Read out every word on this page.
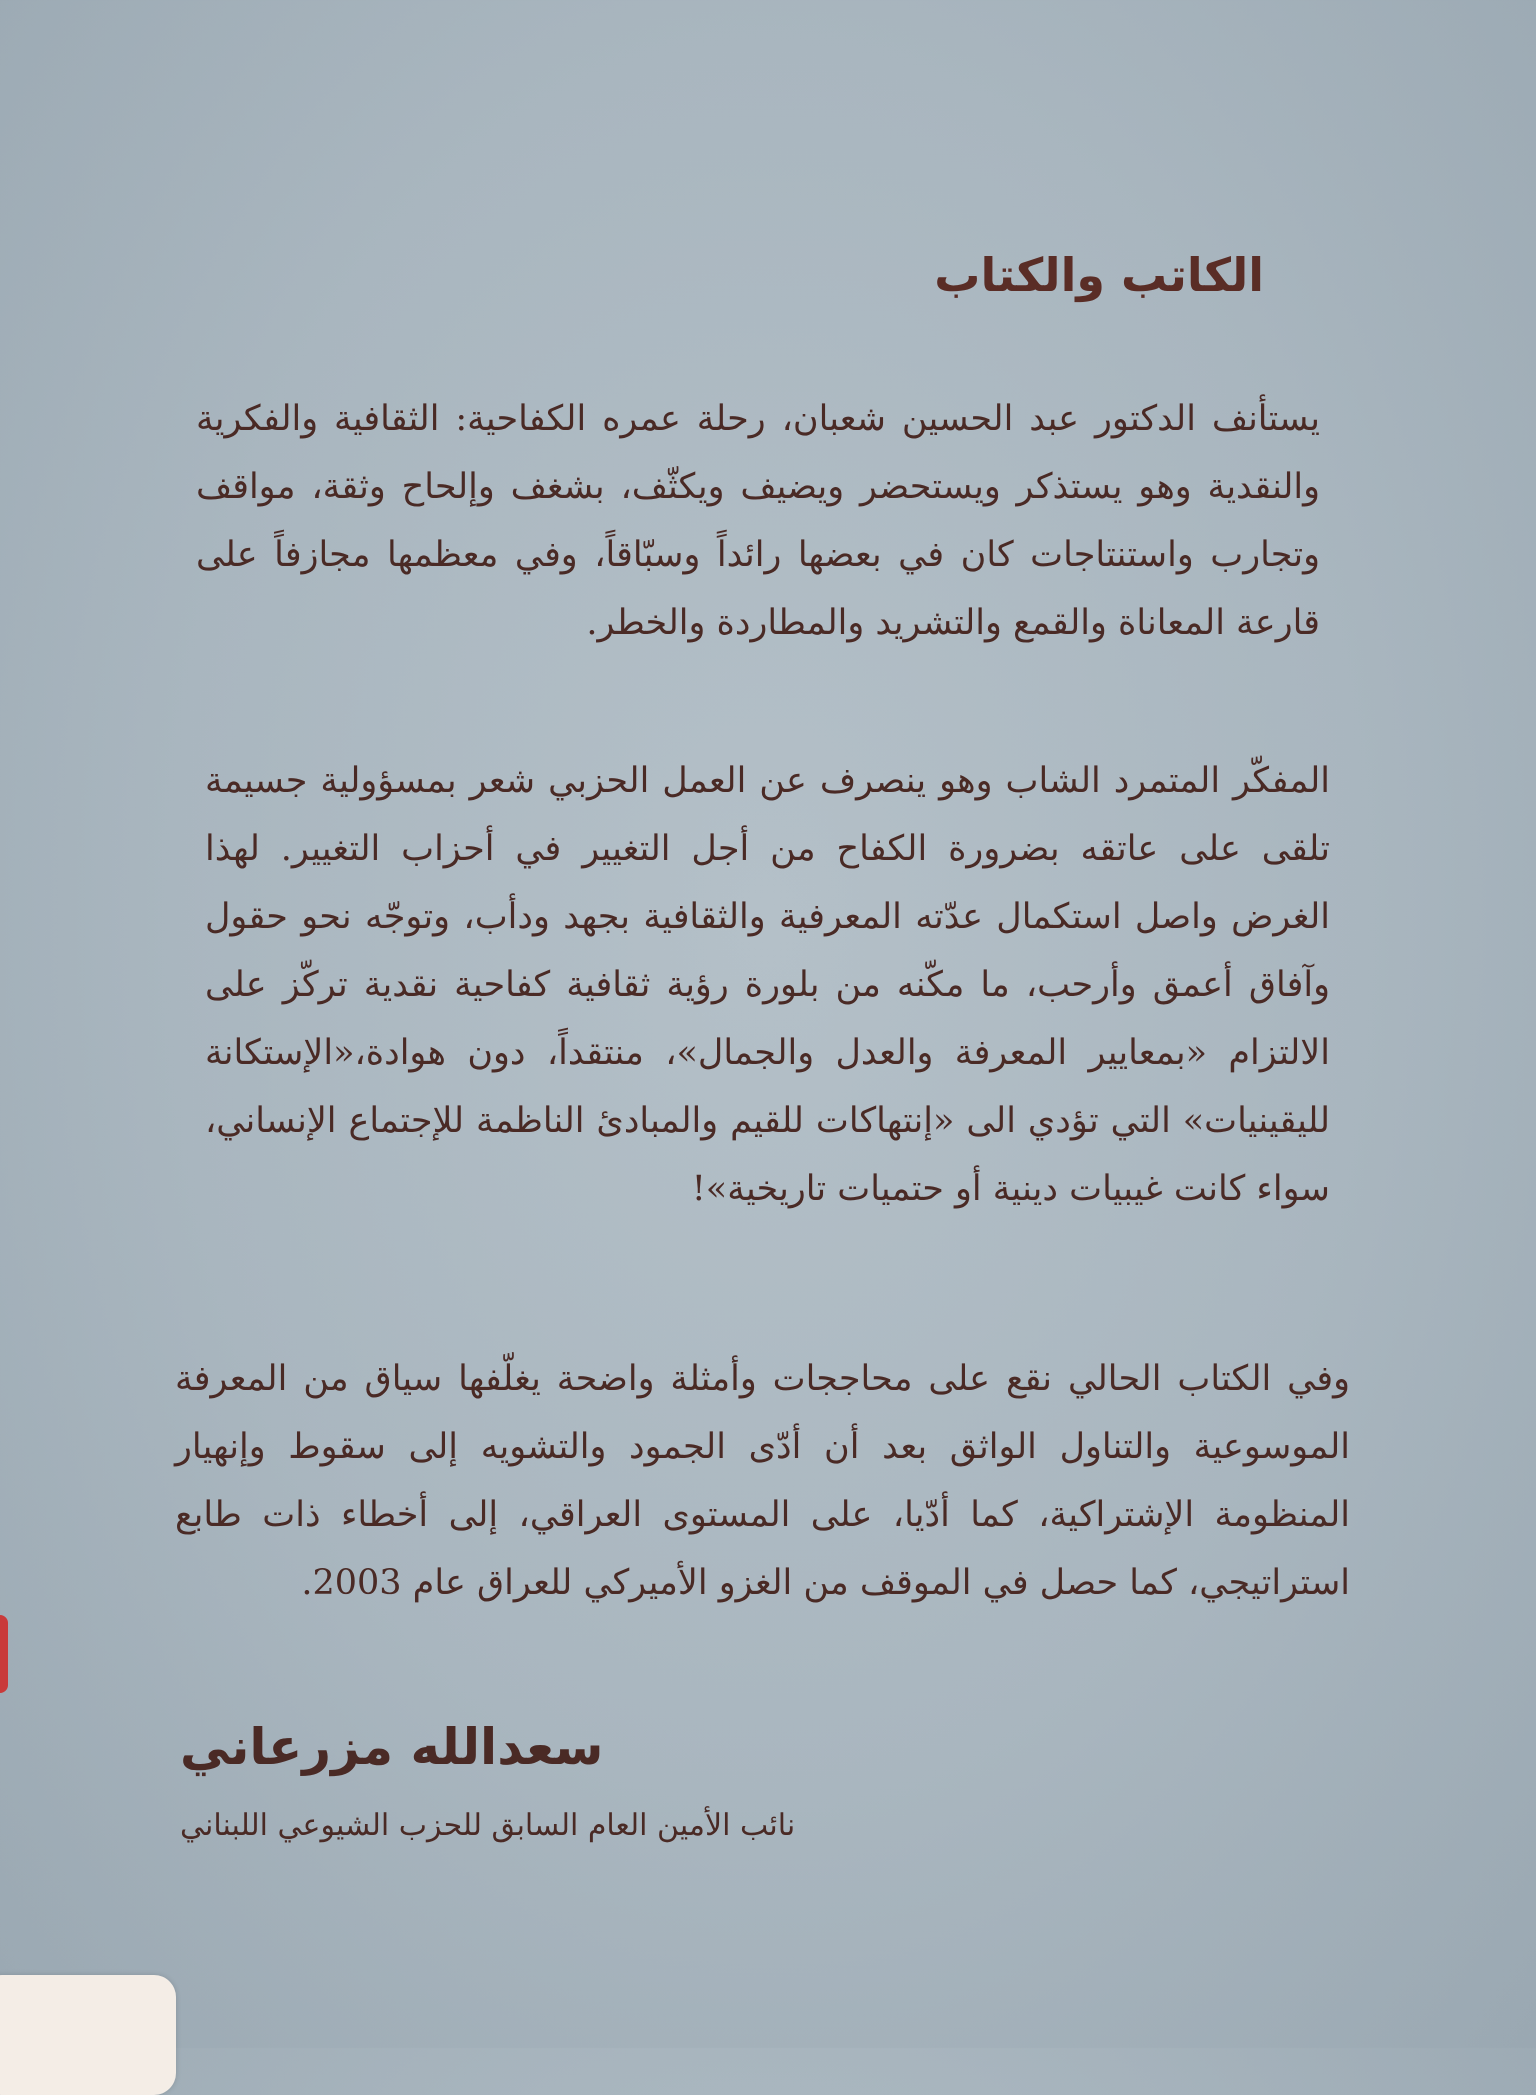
الكاتب والكتاب

يستأنف الدكتور عبد الحسين شعبان، رحلة عمره الكفاحية: الثقافية والفكرية والنقدية وهو يستذكر ويستحضر ويضيف ويكثّف، بشغف وإلحاح وثقة، مواقف وتجارب واستنتاجات كان في بعضها رائداً وسبّاقاً، وفي معظمها مجازفاً على قارعة المعاناة والقمع والتشريد والمطاردة والخطر.

المفكّر المتمرد الشاب وهو ينصرف عن العمل الحزبي شعر بمسؤولية جسيمة تلقى على عاتقه بضرورة الكفاح من أجل التغيير في أحزاب التغيير. لهذا الغرض واصل استكمال عدّته المعرفية والثقافية بجهد ودأب، وتوجّه نحو حقول وآفاق أعمق وأرحب، ما مكّنه من بلورة رؤية ثقافية كفاحية نقدية تركّز على الالتزام «بمعايير المعرفة والعدل والجمال»، منتقداً، دون هوادة،«الإستكانة لليقينيات» التي تؤدي الى «إنتهاكات للقيم والمبادئ الناظمة للإجتماع الإنساني، سواء كانت غيبيات دينية أو حتميات تاريخية»!

وفي الكتاب الحالي نقع على محاججات وأمثلة واضحة يغلّفها سياق من المعرفة الموسوعية والتناول الواثق بعد أن أدّى الجمود والتشويه إلى سقوط وإنهيار المنظومة الإشتراكية، كما أدّيا، على المستوى العراقي، إلى أخطاء ذات طابع استراتيجي، كما حصل في الموقف من الغزو الأميركي للعراق عام 2003.

سعدالله مزرعاني

نائب الأمين العام السابق للحزب الشيوعي اللبناني
